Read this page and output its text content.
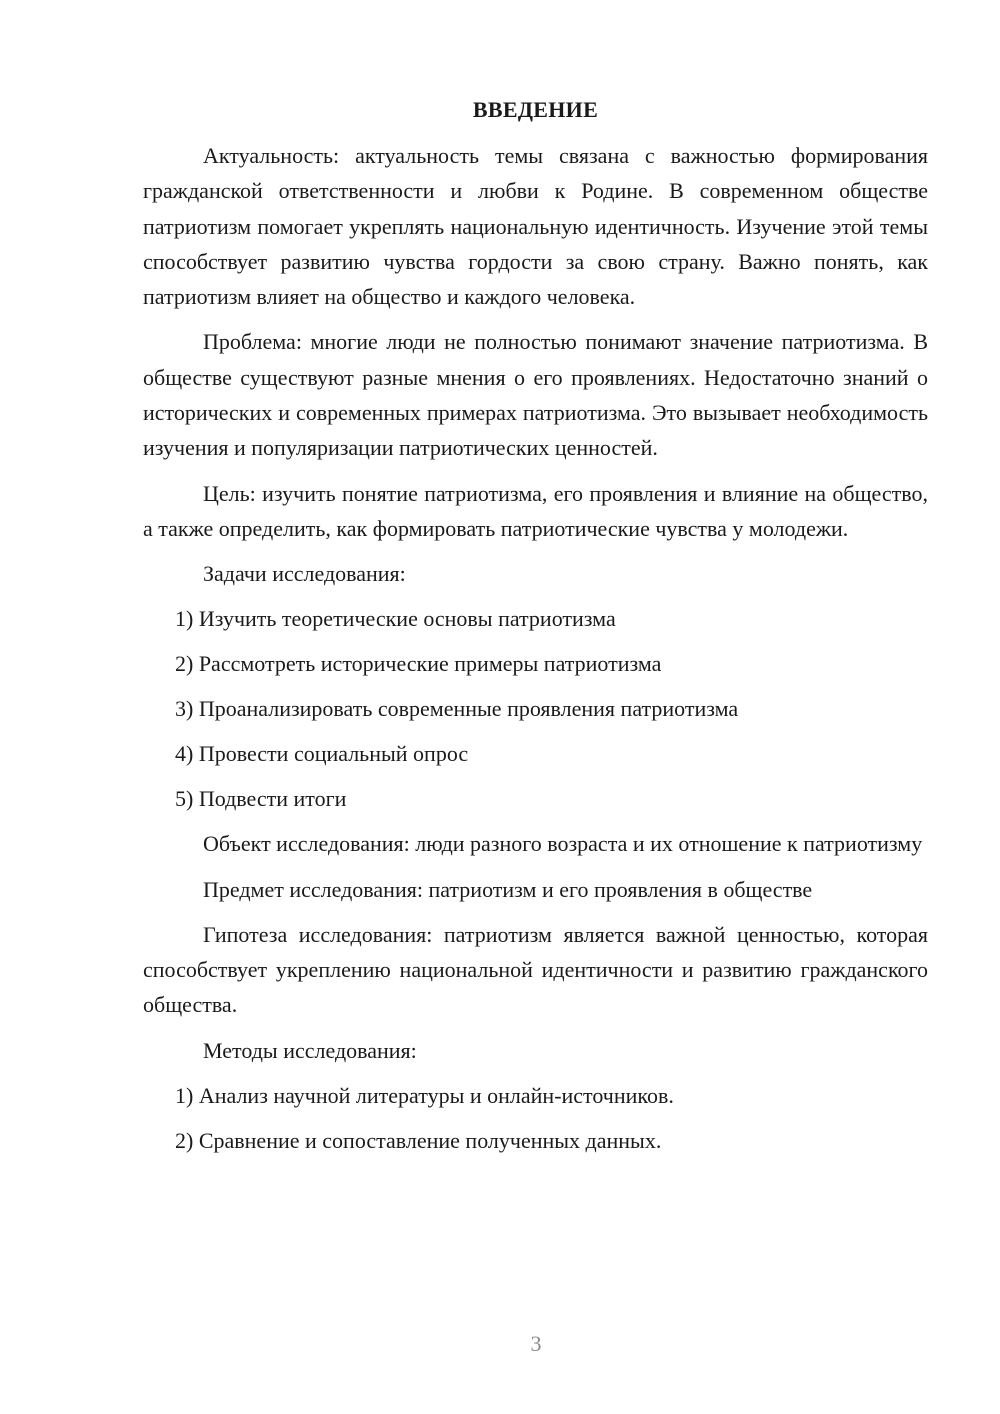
ВВЕДЕНИЕ
Актуальность: актуальность темы связана с важностью формирования гражданской ответственности и любви к Родине. В современном обществе патриотизм помогает укреплять национальную идентичность. Изучение этой темы способствует развитию чувства гордости за свою страну. Важно понять, как патриотизм влияет на общество и каждого человека.
Проблема: многие люди не полностью понимают значение патриотизма. В обществе существуют разные мнения о его проявлениях. Недостаточно знаний о исторических и современных примерах патриотизма. Это вызывает необходимость изучения и популяризации патриотических ценностей.
Цель: изучить понятие патриотизма, его проявления и влияние на общество, а также определить, как формировать патриотические чувства у молодежи.
Задачи исследования:
1) Изучить теоретические основы патриотизма
2) Рассмотреть исторические примеры патриотизма
3) Проанализировать современные проявления патриотизма
4) Провести социальный опрос
5) Подвести итоги
Объект исследования: люди разного возраста и их отношение к патриотизму
Предмет исследования: патриотизм и его проявления в обществе
Гипотеза исследования: патриотизм является важной ценностью, которая способствует укреплению национальной идентичности и развитию гражданского общества.
Методы исследования:
1) Анализ научной литературы и онлайн-источников.
2) Сравнение и сопоставление полученных данных.
3
